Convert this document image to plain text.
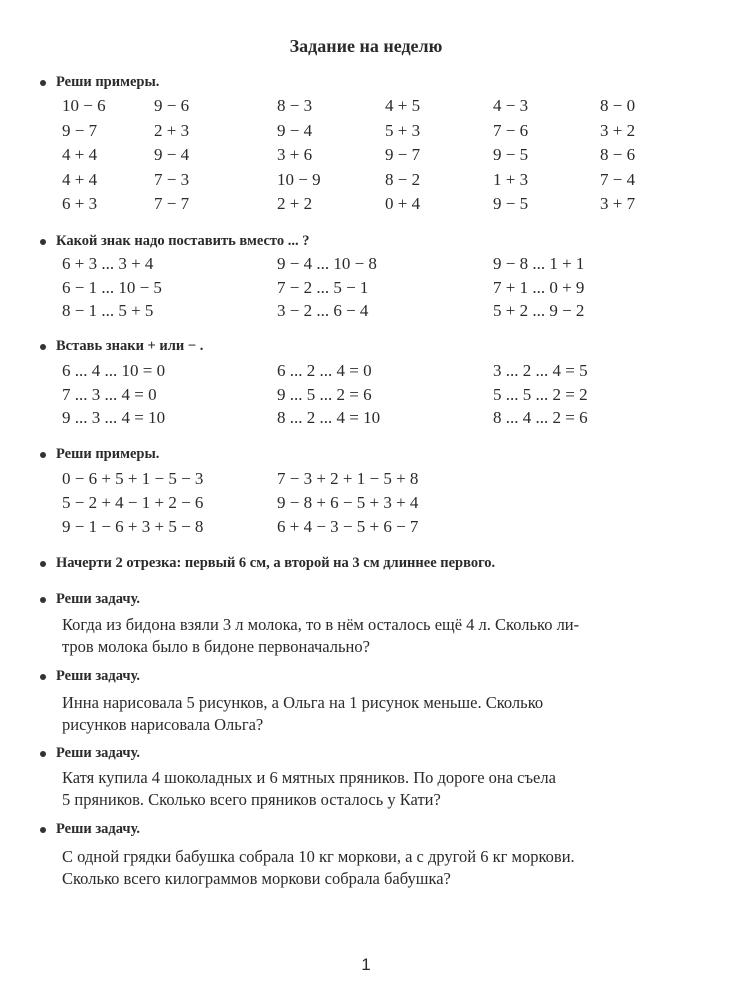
Задание на неделю
Реши примеры.
10 − 6	9 − 6	8 − 3	4 + 5	4 − 3	8 − 0
9 − 7	2 + 3	9 − 4	5 + 3	7 − 6	3 + 2
4 + 4	9 − 4	3 + 6	9 − 7	9 − 5	8 − 6
4 + 4	7 − 3	10 − 9	8 − 2	1 + 3	7 − 4
6 + 3	7 − 7	2 + 2	0 + 4	9 − 5	3 + 7
Какой знак надо поставить вместо ... ?
6 + 3 ... 3 + 4	9 − 4 ... 10 − 8	9 − 8 ... 1 + 1
6 − 1 ... 10 − 5	7 − 2 ... 5 − 1	7 + 1 ... 0 + 9
8 − 1 ... 5 + 5	3 − 2 ... 6 − 4	5 + 2 ... 9 − 2
Вставь знаки + или − .
6 ... 4 ... 10 = 0	6 ... 2 ... 4 = 0	3 ... 2 ... 4 = 5
7 ... 3 ... 4 = 0	9 ... 5 ... 2 = 6	5 ... 5 ... 2 = 2
9 ... 3 ... 4 = 10	8 ... 2 ... 4 = 10	8 ... 4 ... 2 = 6
Реши примеры.
0 − 6 + 5 + 1 − 5 − 3	7 − 3 + 2 + 1 − 5 + 8
5 − 2 + 4 − 1 + 2 − 6	9 − 8 + 6 − 5 + 3 + 4
9 − 1 − 6 + 3 + 5 − 8	6 + 4 − 3 − 5 + 6 − 7
Начерти 2 отрезка: первый 6 см, а второй на 3 см длиннее первого.
Реши задачу.
Когда из бидона взяли 3 л молока, то в нём осталось ещё 4 л. Сколько ли-
тров молока было в бидоне первоначально?
Реши задачу.
Инна нарисовала 5 рисунков, а Ольга на 1 рисунок меньше. Сколько
рисунков нарисовала Ольга?
Реши задачу.
Катя купила 4 шоколадных и 6 мятных пряников. По дороге она съела
5 пряников. Сколько всего пряников осталось у Кати?
Реши задачу.
С одной грядки бабушка собрала 10 кг моркови, а с другой 6 кг моркови.
Сколько всего килограммов моркови собрала бабушка?
1
